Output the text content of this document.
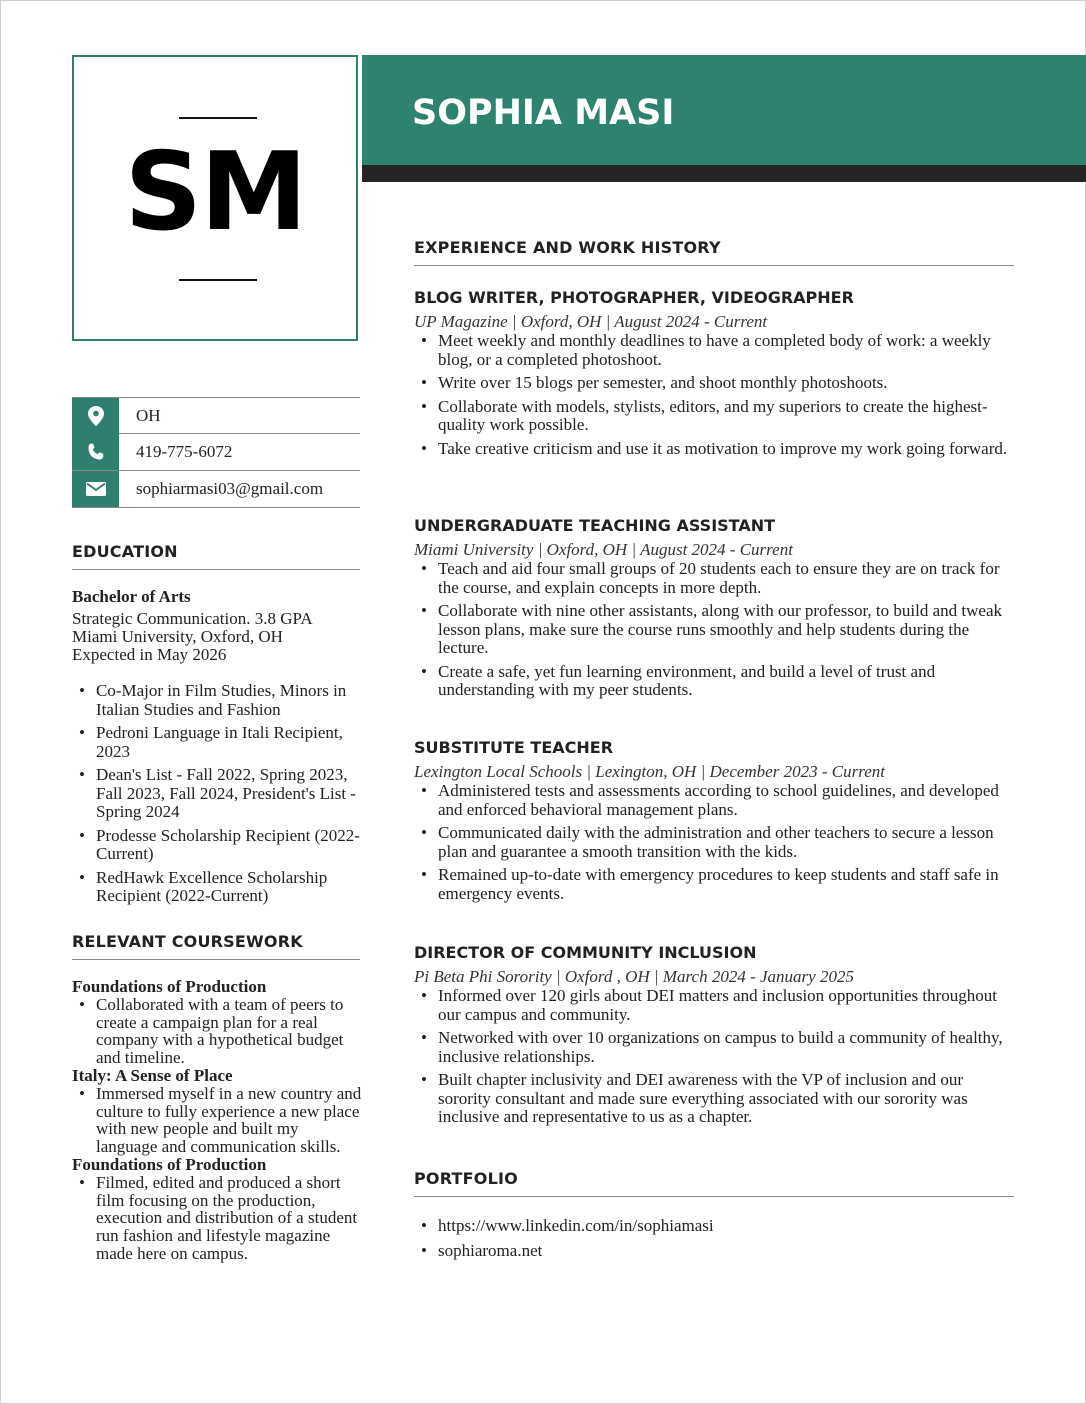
SM
SOPHIA MASI
OH
419-775-6072
sophiarmasi03@gmail.com
EDUCATION
Bachelor of Arts
Strategic Communication. 3.8 GPA
Miami University, Oxford, OH
Expected in May 2026
• Co-Major in Film Studies, Minors in Italian Studies and Fashion
• Pedroni Language in Itali Recipient, 2023
• Dean's List - Fall 2022, Spring 2023, Fall 2023, Fall 2024, President's List - Spring 2024
• Prodesse Scholarship Recipient (2022-Current)
• RedHawk Excellence Scholarship Recipient (2022-Current)
RELEVANT COURSEWORK
Foundations of Production
• Collaborated with a team of peers to create a campaign plan for a real company with a hypothetical budget and timeline.
Italy: A Sense of Place
• Immersed myself in a new country and culture to fully experience a new place with new people and built my language and communication skills.
Foundations of Production
• Filmed, edited and produced a short film focusing on the production, execution and distribution of a student run fashion and lifestyle magazine made here on campus.
EXPERIENCE AND WORK HISTORY
BLOG WRITER, PHOTOGRAPHER, VIDEOGRAPHER
UP Magazine | Oxford, OH | August 2024 - Current
• Meet weekly and monthly deadlines to have a completed body of work: a weekly blog, or a completed photoshoot.
• Write over 15 blogs per semester, and shoot monthly photoshoots.
• Collaborate with models, stylists, editors, and my superiors to create the highest-quality work possible.
• Take creative criticism and use it as motivation to improve my work going forward.
UNDERGRADUATE TEACHING ASSISTANT
Miami University | Oxford, OH | August 2024 - Current
• Teach and aid four small groups of 20 students each to ensure they are on track for the course, and explain concepts in more depth.
• Collaborate with nine other assistants, along with our professor, to build and tweak lesson plans, make sure the course runs smoothly and help students during the lecture.
• Create a safe, yet fun learning environment, and build a level of trust and understanding with my peer students.
SUBSTITUTE TEACHER
Lexington Local Schools | Lexington, OH | December 2023 - Current
• Administered tests and assessments according to school guidelines, and developed and enforced behavioral management plans.
• Communicated daily with the administration and other teachers to secure a lesson plan and guarantee a smooth transition with the kids.
• Remained up-to-date with emergency procedures to keep students and staff safe in emergency events.
DIRECTOR OF COMMUNITY INCLUSION
Pi Beta Phi Sorority | Oxford , OH | March 2024 - January 2025
• Informed over 120 girls about DEI matters and inclusion opportunities throughout our campus and community.
• Networked with over 10 organizations on campus to build a community of healthy, inclusive relationships.
• Built chapter inclusivity and DEI awareness with the VP of inclusion and our sorority consultant and made sure everything associated with our sorority was inclusive and representative to us as a chapter.
PORTFOLIO
• https://www.linkedin.com/in/sophiamasi
• sophiaroma.net
